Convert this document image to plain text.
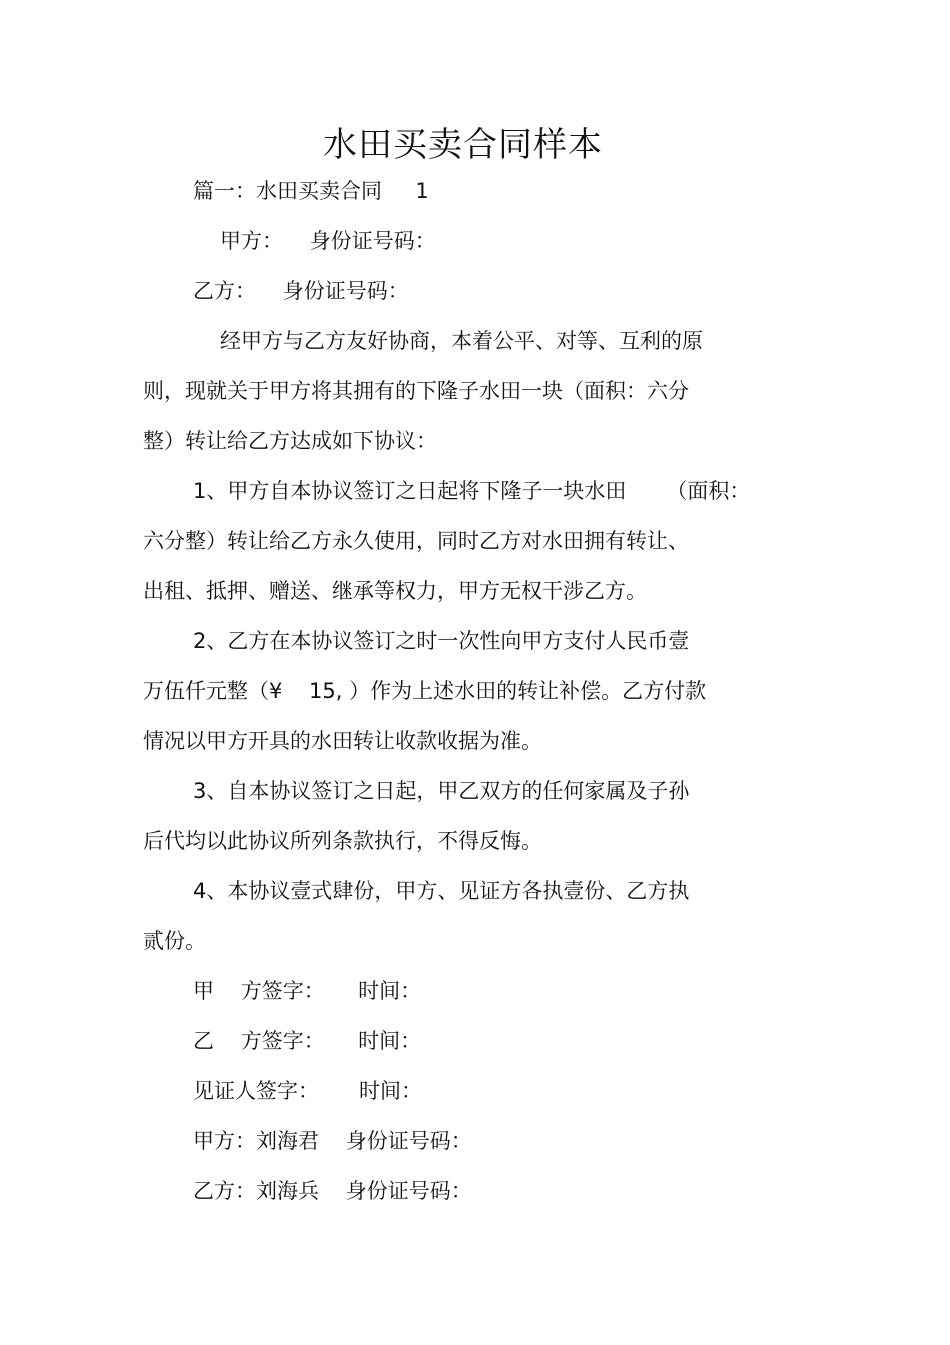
水田买卖合同样本
篇一：水田买卖合同     1
甲方：    身份证号码：
乙方：    身份证号码：
经甲方与乙方友好协商，本着公平、对等、互利的原
则，现就关于甲方将其拥有的下隆子水田一块（面积：六分
整）转让给乙方达成如下协议：
1、甲方自本协议签订之日起将下隆子一块水田      （面积：
六分整）转让给乙方永久使用，同时乙方对水田拥有转让、
出租、抵押、赠送、继承等权力，甲方无权干涉乙方。
2、乙方在本协议签订之时一次性向甲方支付人民币壹
万伍仟元整（¥    15, ）作为上述水田的转让补偿。乙方付款
情况以甲方开具的水田转让收款收据为准。
3、自本协议签订之日起，甲乙双方的任何家属及子孙
后代均以此协议所列条款执行，不得反悔。
4、本协议壹式肆份，甲方、见证方各执壹份、乙方执
贰份。
甲    方签字：     时间：
乙    方签字：     时间：
见证人签字：      时间：
甲方：刘海君    身份证号码：
乙方：刘海兵    身份证号码：
